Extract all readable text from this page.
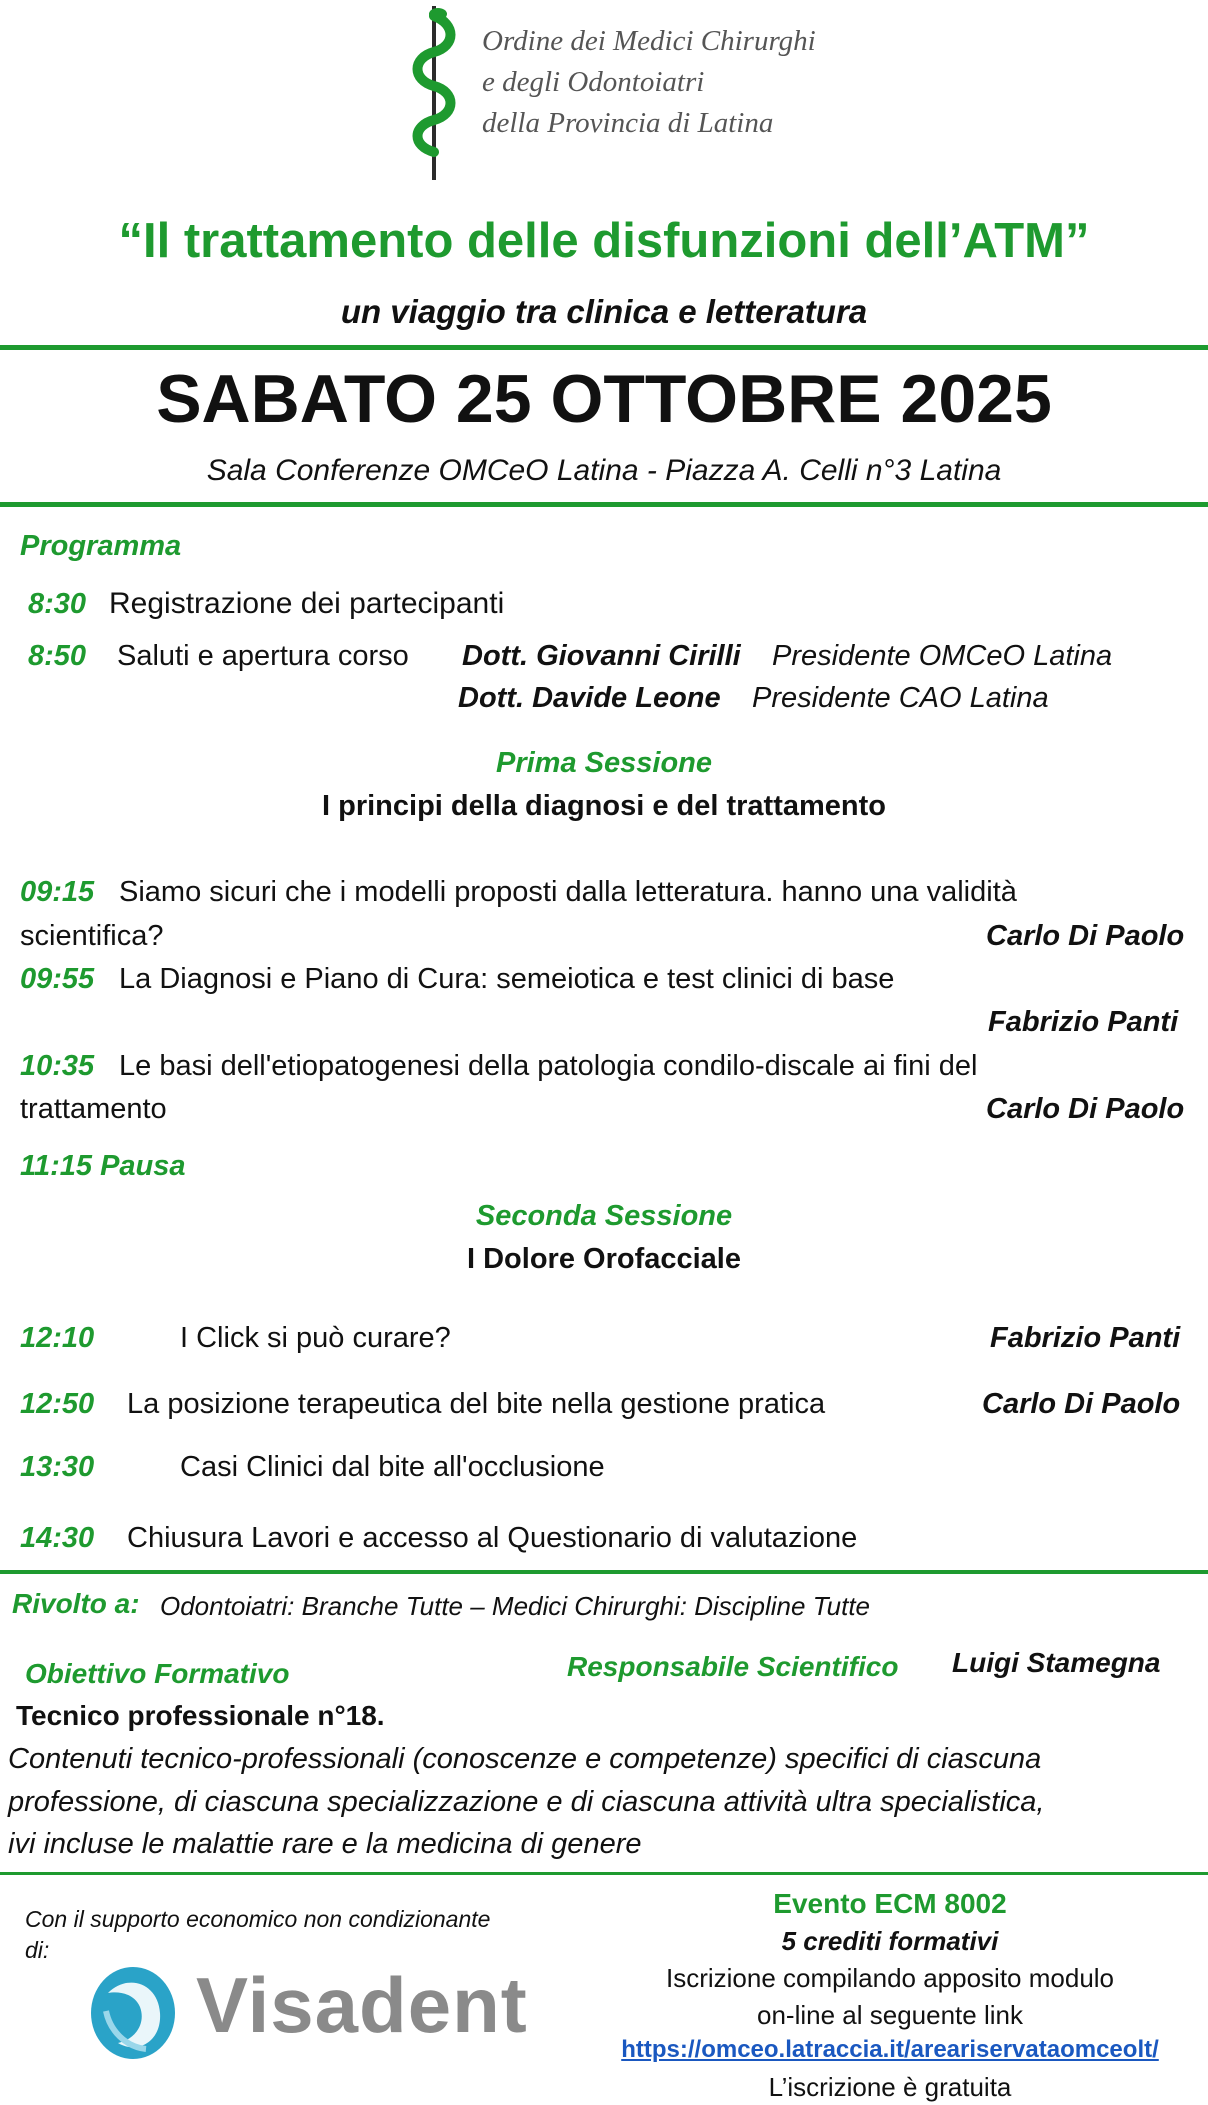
Ordine dei Medici Chirurghi
e degli Odontoiatri
della Provincia di Latina
“Il trattamento delle disfunzioni dell’ATM”
un viaggio tra clinica e letteratura
SABATO 25 OTTOBRE 2025
Sala Conferenze OMCeO Latina - Piazza A. Celli n°3 Latina
Programma
8:30 Registrazione dei partecipanti
8:50 Saluti e apertura corso Dott. Giovanni Cirilli Presidente OMCeO Latina
Dott. Davide Leone Presidente CAO Latina
Prima Sessione
I principi della diagnosi e del trattamento
09:15 Siamo sicuri che i modelli proposti dalla letteratura. hanno una validità
scientifica?	Carlo Di Paolo
09:55 La Diagnosi e Piano di Cura: semeiotica e test clinici di base
Fabrizio Panti
10:35 Le basi dell'etiopatogenesi della patologia condilo-discale ai fini del
trattamento	Carlo Di Paolo
11:15 Pausa
Seconda Sessione
I Dolore Orofacciale
12:10	I Click si può curare?	Fabrizio Panti
12:50 La posizione terapeutica del bite nella gestione pratica	Carlo Di Paolo
13:30	Casi Clinici dal bite all'occlusione
14:30 Chiusura Lavori e accesso al Questionario di valutazione
Rivolto a: Odontoiatri: Branche Tutte – Medici Chirurghi: Discipline Tutte
Obiettivo Formativo	Responsabile Scientifico Luigi Stamegna
Tecnico professionale n°18.
Contenuti tecnico-professionali (conoscenze e competenze) specifici di ciascuna
professione, di ciascuna specializzazione e di ciascuna attività ultra specialistica,
ivi incluse le malattie rare e la medicina di genere
Con il supporto economico non condizionante
di:
Visadent
Evento ECM 8002
5 crediti formativi
Iscrizione compilando apposito modulo
on-line al seguente link
https://omceo.latraccia.it/areariservataomceolt/
L’iscrizione è gratuita
